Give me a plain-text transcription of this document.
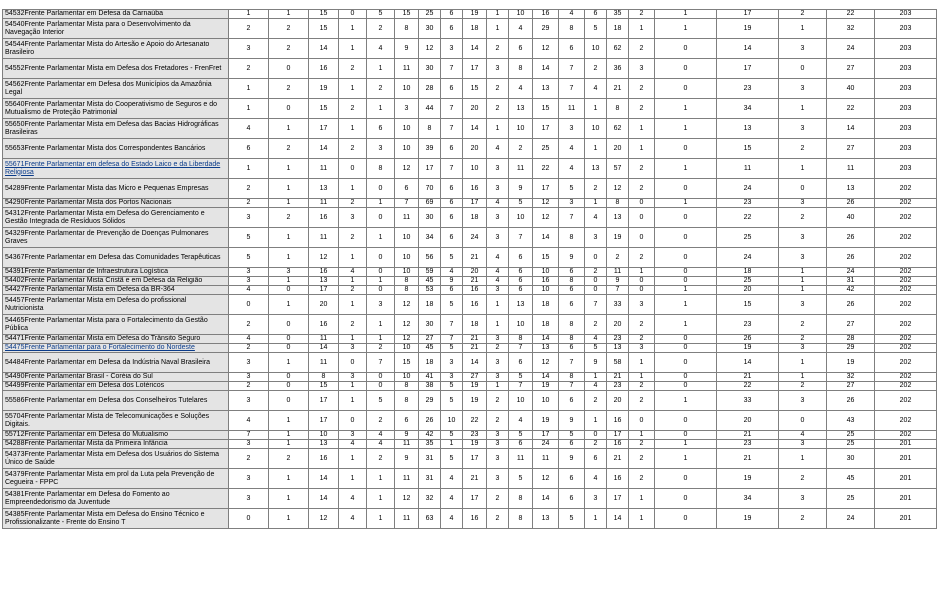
54532Frente Parlamentar em Defesa da Carnaúba	1	1	15	0	5	15	25	6	19	1	10	16	4	6	35	2	1	17	2	22	203	
54540Frente Parlamentar Mista para o Desenvolvimento da Navegação Interior	2	2	15	1	2	8	30	6	18	1	4	29	8	5	18	1	1	19	1	32	203	
54544Frente Parlamentar Mista do Artesão e Apoio do Artesanato Brasileiro	3	2	14	1	4	9	12	3	14	2	6	12	6	10	62	2	0	14	3	24	203	
54552Frente Parlamentar Mista em Defesa dos Fretadores - FrenFret	2	0	16	2	1	11	30	7	17	3	8	14	7	2	36	3	0	17	0	27	203	
54562Frente Parlamentar em Defesa dos Municípios da Amazônia Legal	1	2	19	1	2	10	28	6	15	2	4	13	7	4	21	2	0	23	3	40	203	
55640Frente Parlamentar Mista do Cooperativismo de Seguros e do Mutualismo de Proteção Patrimonial	1	0	15	2	1	3	44	7	20	2	13	15	11	1	8	2	1	34	1	22	203	
55650Frente Parlamentar Mista em Defesa das Bacias Hidrográficas Brasileiras	4	1	17	1	6	10	8	7	14	1	10	17	3	10	62	1	1	13	3	14	203	
55653Frente Parlamentar Mista dos Correspondentes Bancários	6	2	14	2	3	10	39	6	20	4	2	25	4	1	20	1	0	15	2	27	203	
55671Frente Parlamentar em defesa do Estado Laico e da Liberdade Religiosa	1	1	11	0	8	12	17	7	10	3	11	22	4	13	57	2	1	11	1	11	203	
54289Frente Parlamentar Mista das Micro e Pequenas Empresas	2	1	13	1	0	6	70	6	16	3	9	17	5	2	12	2	0	24	0	13	202	
54290Frente Parlamentar Mista dos Portos Nacionais	2	1	11	2	1	7	69	6	17	4	5	12	3	1	8	0	1	23	3	26	202	
54312Frente Parlamentar Mista em Defesa do Gerenciamento e Gestão Integrada de Resíduos Sólidos	3	2	16	3	0	11	30	6	18	3	10	12	7	4	13	0	0	22	2	40	202	
54329Frente Parlamentar de Prevenção de Doenças Pulmonares Graves	5	1	11	2	1	10	34	6	24	3	7	14	8	3	19	0	0	25	3	26	202	
54367Frente Parlamentar em Defesa das Comunidades Terapêuticas	5	1	12	1	0	10	56	5	21	4	6	15	9	0	2	2	0	24	3	26	202	
54391Frente Parlamentar de Infraestrutura Logística	3	3	16	4	0	10	59	4	20	4	6	10	6	2	11	1	0	18	1	24	202	
54402Frente Parlamentar Mista Cristã e em Defesa da Religião	3	1	13	1	1	8	45	9	21	4	6	16	8	0	9	0	0	25	1	31	202	
54427Frente Parlamentar Mista em Defesa da BR-364	4	0	17	2	0	8	53	6	16	3	6	10	6	0	7	0	1	20	1	42	202	
54457Frente Parlamentar Mista em Defesa do profissional Nutricionista	0	1	20	1	3	12	18	5	16	1	13	18	6	7	33	3	1	15	3	26	202	
54465Frente Parlamentar Mista para o Fortalecimento da Gestão Pública	2	0	16	2	1	12	30	7	18	1	10	18	8	2	20	2	1	23	2	27	202	
54471Frente Parlamentar Mista em Defesa do Trânsito Seguro	4	0	11	1	1	12	27	7	21	3	8	14	8	4	23	2	0	26	2	28	202	
54475Frente Parlamentar para o Fortalecimento do Nordeste	2	0	14	3	2	10	45	5	21	2	7	13	6	5	13	3	0	19	3	29	202	
54484Frente Parlamentar em Defesa da Indústria Naval Brasileira	3	1	11	0	7	15	18	3	14	3	6	12	7	9	58	1	0	14	1	19	202	
54490Frente Parlamentar Brasil - Coréia do Sul	3	0	8	3	0	10	41	3	27	3	5	14	8	1	21	1	0	21	1	32	202	
54499Frente Parlamentar em Defesa dos Lotéricos	2	0	15	1	0	8	38	5	19	1	7	19	7	4	23	2	0	22	2	27	202	
55586Frente Parlamentar em Defesa dos Conselheiros Tutelares	3	0	17	1	5	8	29	5	19	2	10	10	6	2	20	2	1	33	3	26	202	
55704Frente Parlamentar Mista de Telecomunicações e Soluções Digitais.	4	1	17	0	2	6	26	10	22	2	4	19	9	1	16	0	0	20	0	43	202	
55712Frente Parlamentar em Defesa do Mutualismo	7	1	10	3	4	9	42	5	23	3	5	17	5	0	17	1	0	21	4	25	202	
54288Frente Parlamentar Mista da Primeira Infância	3	1	13	4	4	11	35	1	19	3	6	24	6	2	16	2	1	23	3	25	201	
54373Frente Parlamentar Mista em Defesa dos Usuários do Sistema Único de Saúde	2	2	16	1	2	9	31	5	17	3	11	11	9	6	21	2	1	21	1	30	201	
54379Frente Parlamentar Mista em prol da Luta pela Prevenção de Cegueira - FPPC	3	1	14	1	1	11	31	4	21	3	5	12	6	4	16	2	0	19	2	45	201	
54381Frente Parlamentar em Defesa do Fomento ao Empreendedorismo da Juventude	3	1	14	4	1	12	32	4	17	2	8	14	6	3	17	1	0	34	3	25	201	
54385Frente Parlamentar Mista em Defesa do Ensino Técnico e Profissionalizante - Frente do Ensino T	0	1	12	4	1	11	63	4	16	2	8	13	5	1	14	1	0	19	2	24	201	
